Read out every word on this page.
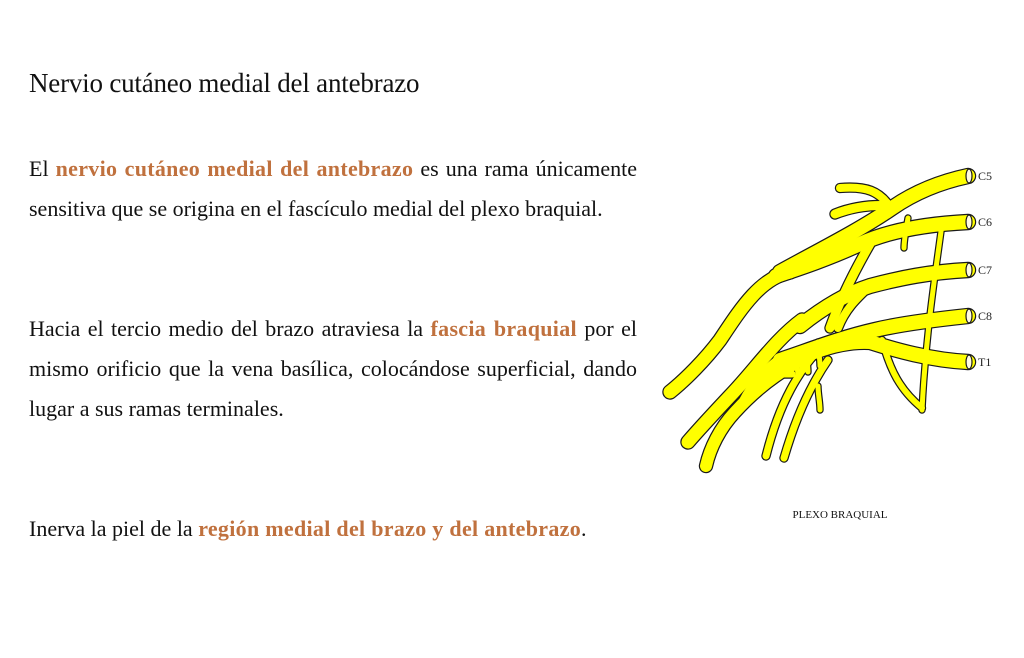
Nervio cutáneo medial del antebrazo

El nervio cutáneo medial del antebrazo es una rama únicamente sensitiva que se origina en el fascículo medial del plexo braquial.

Hacia el tercio medio del brazo atraviesa la fascia braquial por el mismo orificio que la vena basílica, colocándose superficial, dando lugar a sus ramas terminales.

Inerva la piel de la región medial del brazo y del antebrazo.

C5
C6
C7
C8
T1
PLEXO BRAQUIAL
